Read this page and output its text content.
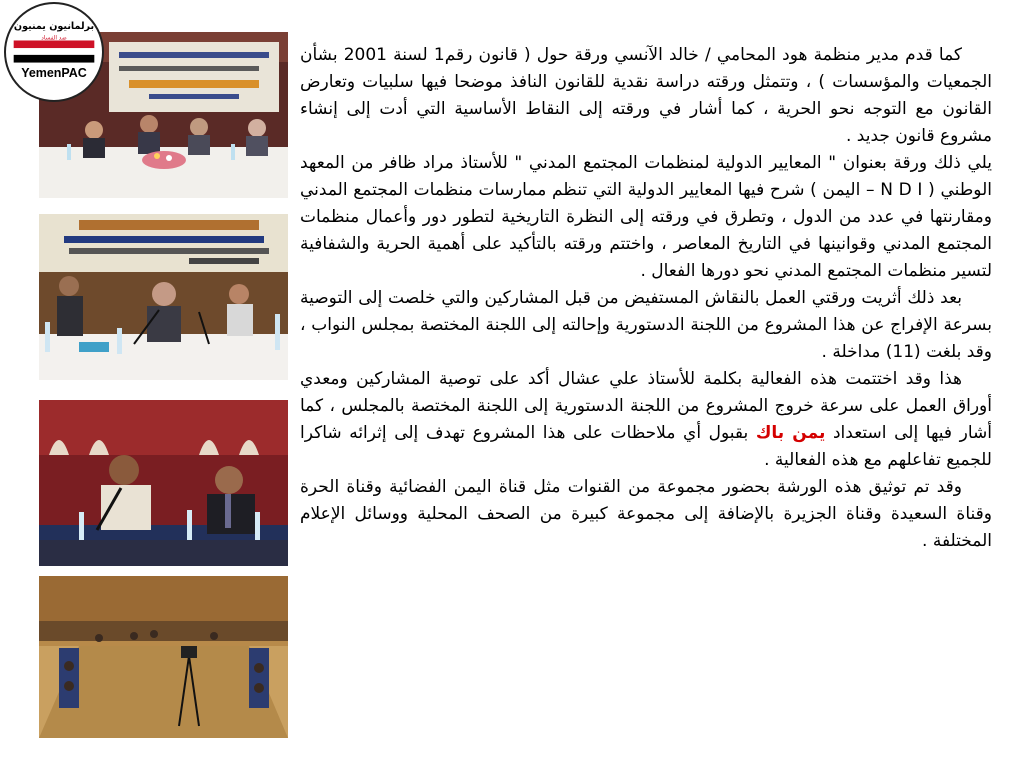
برلمانيون يمنيون
ضد الفساد
YemenPAC

كما قدم مدير منظمة هود المحامي / خالد الآنسي ورقة حول ( قانون رقم1 لسنة 2001 بشأن الجمعيات والمؤسسات ) ، وتتمثل ورقته دراسة نقدية للقانون النافذ موضحا فيها سلبيات وتعارض القانون مع التوجه نحو الحرية ، كما أشار في ورقته إلى النقاط الأساسية التي أدت إلى إنشاء مشروع قانون جديد .

يلي ذلك ورقة بعنوان " المعايير الدولية لمنظمات المجتمع المدني " للأستاذ مراد ظافر من المعهد الوطني ( N D I – اليمن ) شرح فيها المعايير الدولية التي تنظم ممارسات منظمات المجتمع المدني ومقارنتها في عدد من الدول ، وتطرق في ورقته إلى النظرة التاريخية لتطور دور وأعمال منظمات المجتمع المدني وقوانينها في التاريخ المعاصر ، واختتم ورقته بالتأكيد على أهمية الحرية والشفافية لتسير منظمات المجتمع المدني نحو دورها الفعال .

بعد ذلك أثريت ورقتي العمل بالنقاش المستفيض من قبل المشاركين والتي خلصت إلى التوصية بسرعة الإفراج عن هذا المشروع من اللجنة الدستورية وإحالته إلى اللجنة المختصة بمجلس النواب ، وقد بلغت (11) مداخلة .

هذا وقد اختتمت هذه الفعالية بكلمة للأستاذ علي عشال أكد على توصية المشاركين ومعدي أوراق العمل على سرعة خروج المشروع من اللجنة الدستورية إلى اللجنة المختصة بالمجلس ، كما أشار فيها إلى استعداد يمن باك بقبول أي ملاحظات على هذا المشروع تهدف إلى إثرائه شاكرا للجميع تفاعلهم مع هذه الفعالية .

وقد تم توثيق هذه الورشة بحضور مجموعة من القنوات مثل قناة اليمن الفضائية وقناة الحرة وقناة السعيدة وقناة الجزيرة بالإضافة إلى مجموعة كبيرة من الصحف المحلية ووسائل الإعلام المختلفة .
